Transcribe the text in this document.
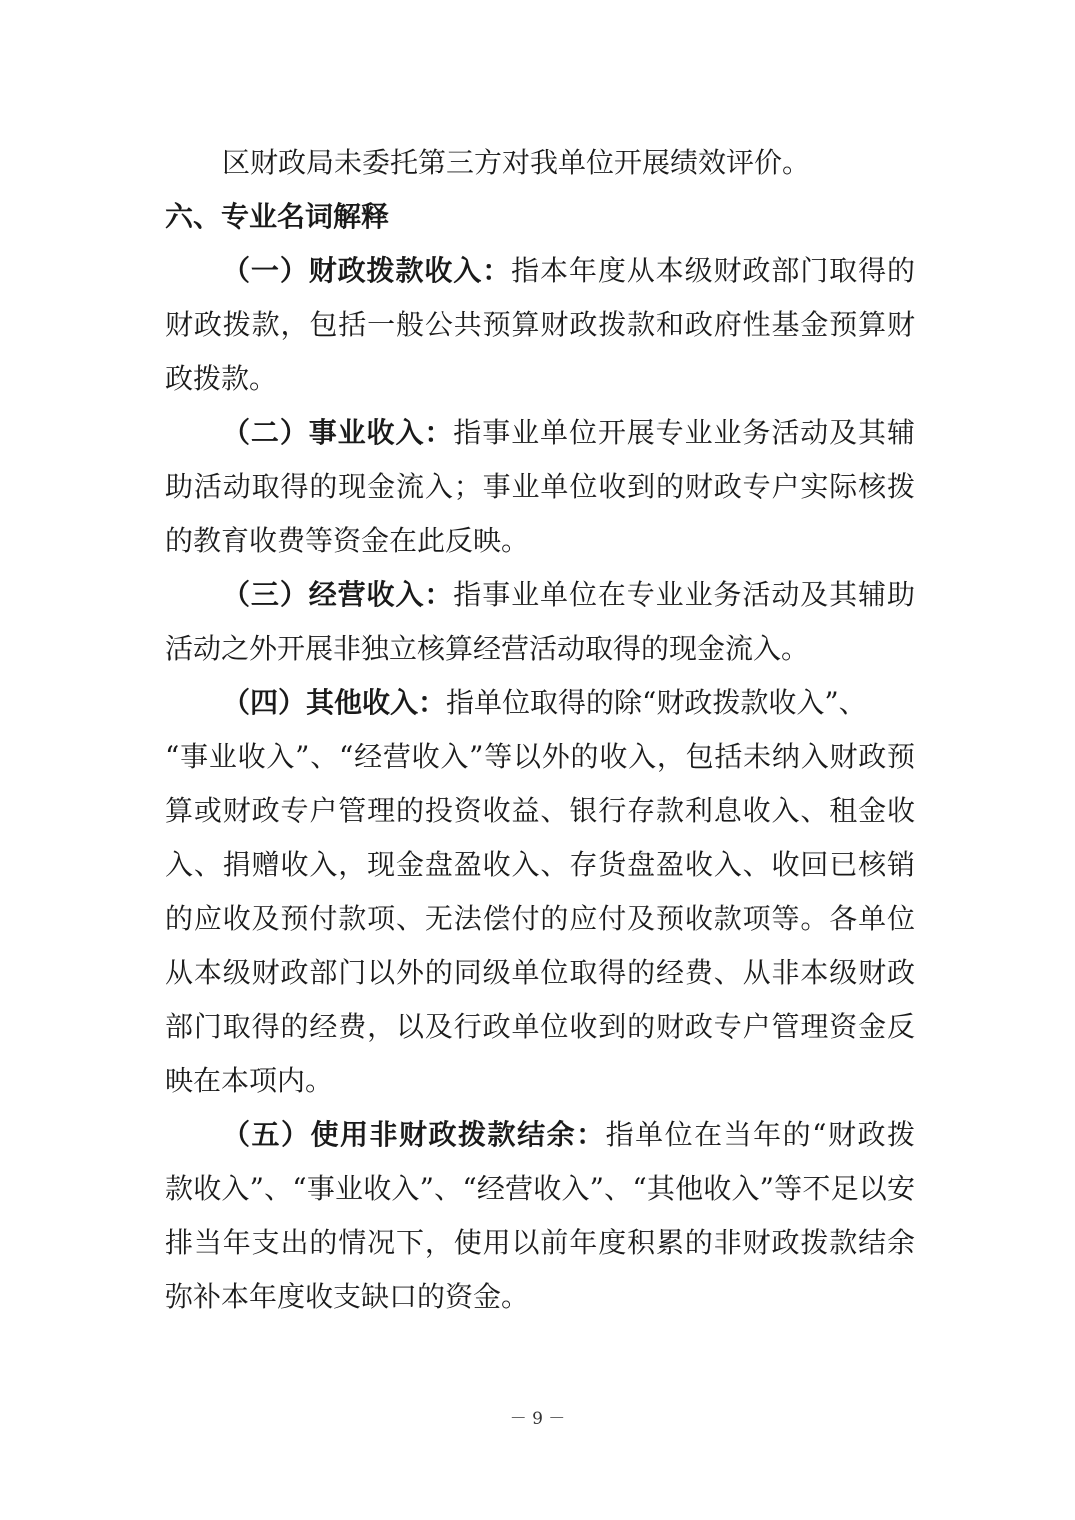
区财政局未委托第三方对我单位开展绩效评价。
六、专业名词解释
（一）财政拨款收入：指本年度从本级财政部门取得的
财政拨款，包括一般公共预算财政拨款和政府性基金预算财
政拨款。
（二）事业收入：指事业单位开展专业业务活动及其辅
助活动取得的现金流入；事业单位收到的财政专户实际核拨
的教育收费等资金在此反映。
（三）经营收入：指事业单位在专业业务活动及其辅助
活动之外开展非独立核算经营活动取得的现金流入。
（四）其他收入：指单位取得的除“财政拨款收入”、
“事业收入”、“经营收入”等以外的收入，包括未纳入财政预
算或财政专户管理的投资收益、银行存款利息收入、租金收
入、捐赠收入，现金盘盈收入、存货盘盈收入、收回已核销
的应收及预付款项、无法偿付的应付及预收款项等。各单位
从本级财政部门以外的同级单位取得的经费、从非本级财政
部门取得的经费，以及行政单位收到的财政专户管理资金反
映在本项内。
（五）使用非财政拨款结余：指单位在当年的“财政拨
款收入”、“事业收入”、“经营收入”、“其他收入”等不足以安
排当年支出的情况下，使用以前年度积累的非财政拨款结余
弥补本年度收支缺口的资金。
－ 9 －
